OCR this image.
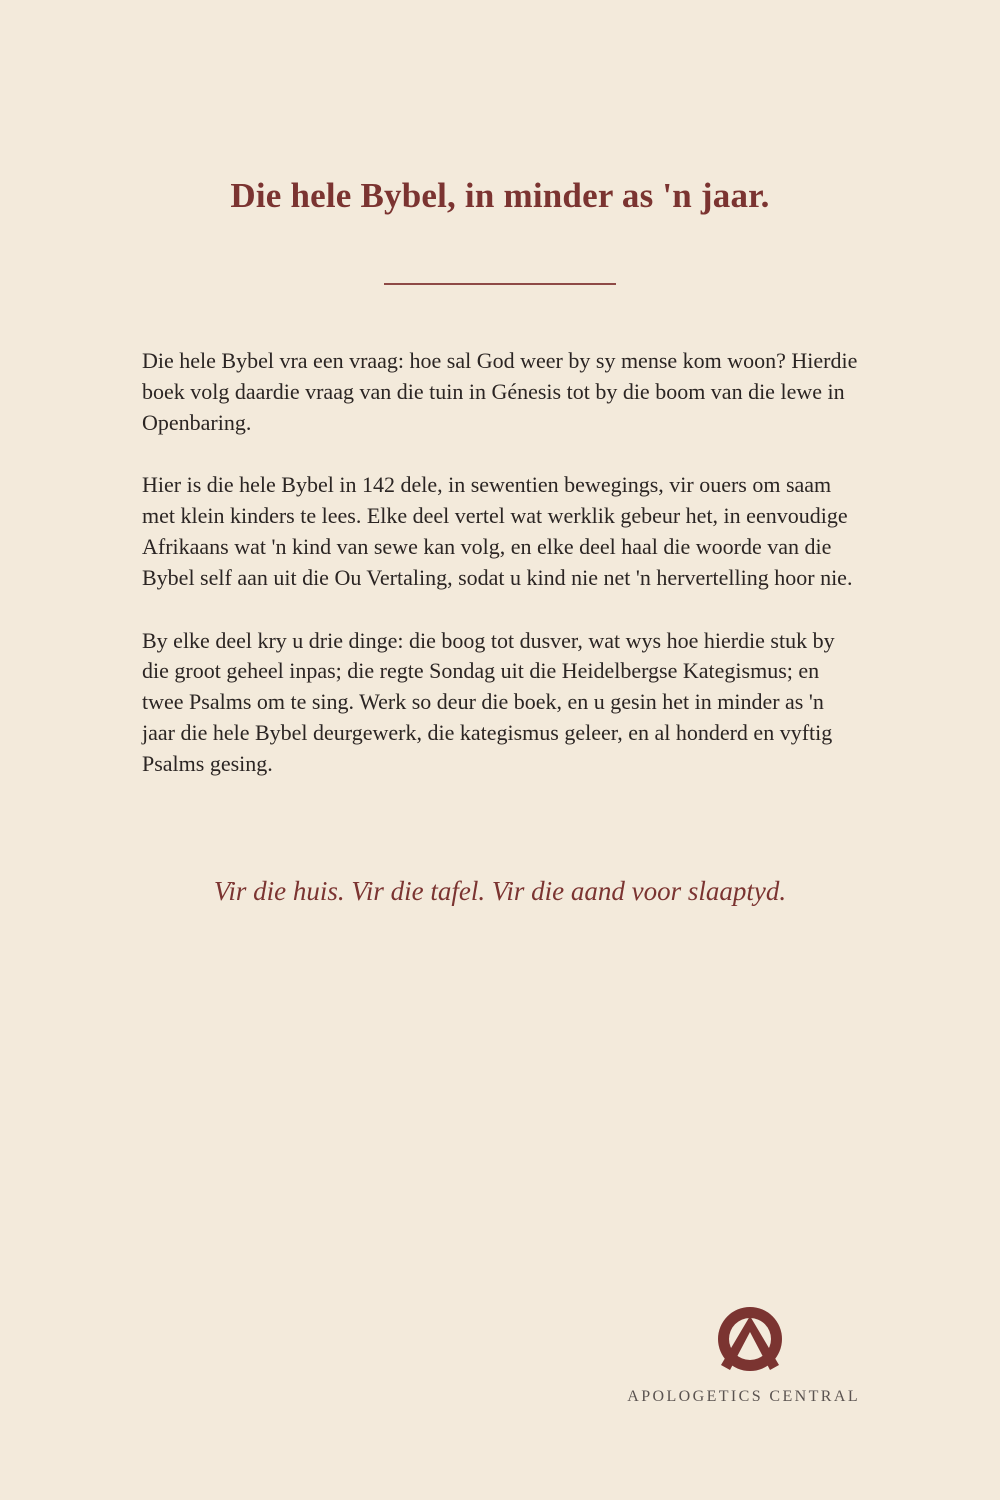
Die hele Bybel, in minder as 'n jaar.

Die hele Bybel vra een vraag: hoe sal God weer by sy mense kom woon? Hierdie boek volg daardie vraag van die tuin in Génesis tot by die boom van die lewe in Openbaring.

Hier is die hele Bybel in 142 dele, in sewentien bewegings, vir ouers om saam met klein kinders te lees. Elke deel vertel wat werklik gebeur het, in eenvoudige Afrikaans wat 'n kind van sewe kan volg, en elke deel haal die woorde van die Bybel self aan uit die Ou Vertaling, sodat u kind nie net 'n hervertelling hoor nie.

By elke deel kry u drie dinge: die boog tot dusver, wat wys hoe hierdie stuk by die groot geheel inpas; die regte Sondag uit die Heidelbergse Kategismus; en twee Psalms om te sing. Werk so deur die boek, en u gesin het in minder as 'n jaar die hele Bybel deurgewerk, die kategismus geleer, en al honderd en vyftig Psalms gesing.

Vir die huis. Vir die tafel. Vir die aand voor slaaptyd.

APOLOGETICS CENTRAL
